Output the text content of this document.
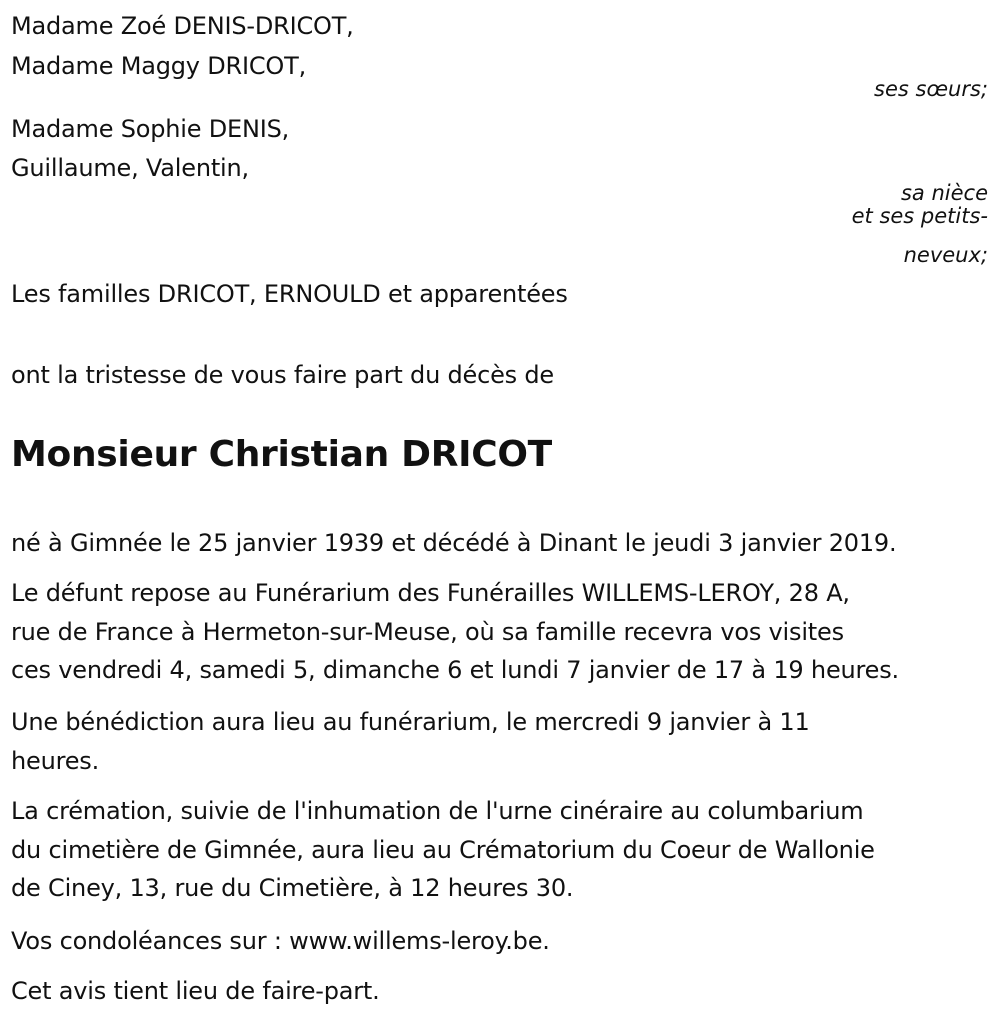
Madame Zoé DENIS-DRICOT,
Madame Maggy DRICOT,
ses sœurs;
Madame Sophie DENIS,
Guillaume, Valentin,
sa nièce
et ses petits-
neveux;
Les familles DRICOT, ERNOULD et apparentées
ont la tristesse de vous faire part du décès de
Monsieur Christian DRICOT
né à Gimnée le 25 janvier 1939 et décédé à Dinant le jeudi 3 janvier 2019.
Le défunt repose au Funérarium des Funérailles WILLEMS-LEROY, 28 A,
rue de France à Hermeton-sur-Meuse, où sa famille recevra vos visites
ces vendredi 4, samedi 5, dimanche 6 et lundi 7 janvier de 17 à 19 heures.
Une bénédiction aura lieu au funérarium, le mercredi 9 janvier à 11
heures.
La crémation, suivie de l'inhumation de l'urne cinéraire au columbarium
du cimetière de Gimnée, aura lieu au Crématorium du Coeur de Wallonie
de Ciney, 13, rue du Cimetière, à 12 heures 30.
Vos condoléances sur : www.willems-leroy.be.
Cet avis tient lieu de faire-part.
